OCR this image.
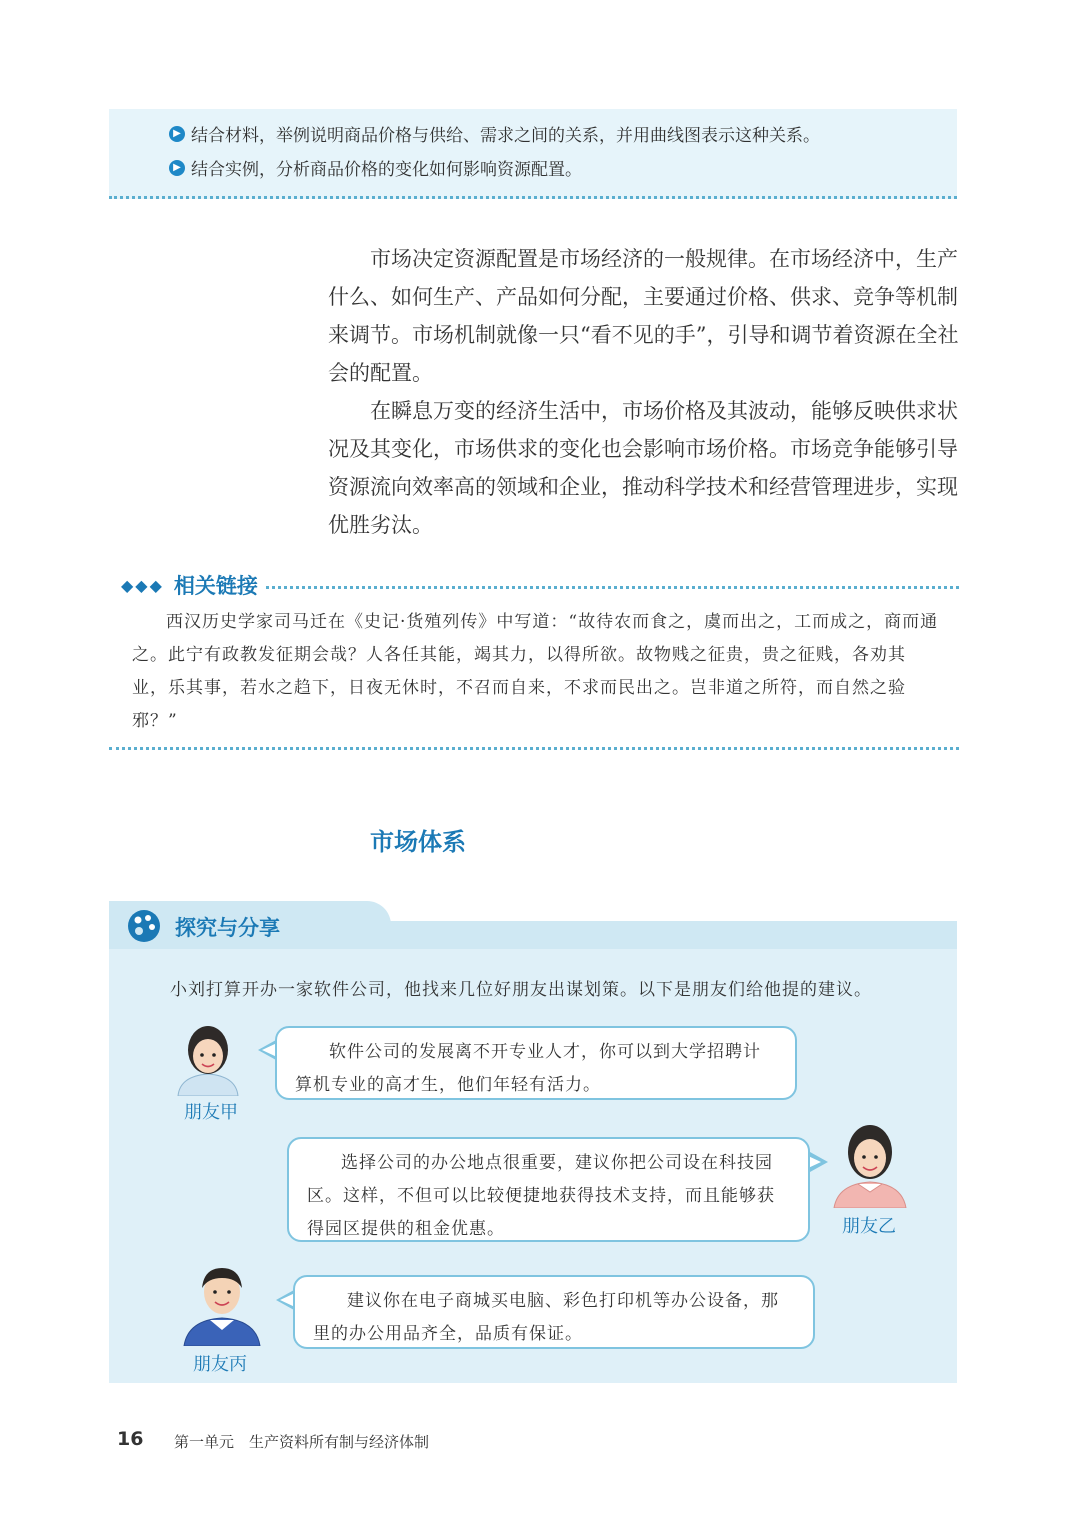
▶ 结合材料，举例说明商品价格与供给、需求之间的关系，并用曲线图表示这种关系。
▶ 结合实例，分析商品价格的变化如何影响资源配置。

市场决定资源配置是市场经济的一般规律。在市场经济中，生产什么、如何生产、产品如何分配，主要通过价格、供求、竞争等机制来调节。市场机制就像一只“看不见的手”，引导和调节着资源在全社会的配置。

在瞬息万变的经济生活中，市场价格及其波动，能够反映供求状况及其变化，市场供求的变化也会影响市场价格。市场竞争能够引导资源流向效率高的领域和企业，推动科学技术和经营管理进步，实现优胜劣汰。

◆◆◆ 相关链接

西汉历史学家司马迁在《史记·货殖列传》中写道：“故待农而食之，虞而出之，工而成之，商而通之。此宁有政教发征期会哉？人各任其能，竭其力，以得所欲。故物贱之征贵，贵之征贱，各劝其业，乐其事，若水之趋下，日夜无休时，不召而自来，不求而民出之。岂非道之所符，而自然之验邪？”

市场体系
探究与分享
小刘打算开办一家软件公司，他找来几位好朋友出谋划策。以下是朋友们给他提的建议。
朋友甲

软件公司的发展离不开专业人才，你可以到大学招聘计算机专业的高才生，他们年轻有活力。

朋友乙

选择公司的办公地点很重要，建议你把公司设在科技园区。这样，不但可以比较便捷地获得技术支持，而且能够获得园区提供的租金优惠。

朋友丙

建议你在电子商城买电脑、彩色打印机等办公设备，那里的办公用品齐全，品质有保证。

16 第一单元　生产资料所有制与经济体制
